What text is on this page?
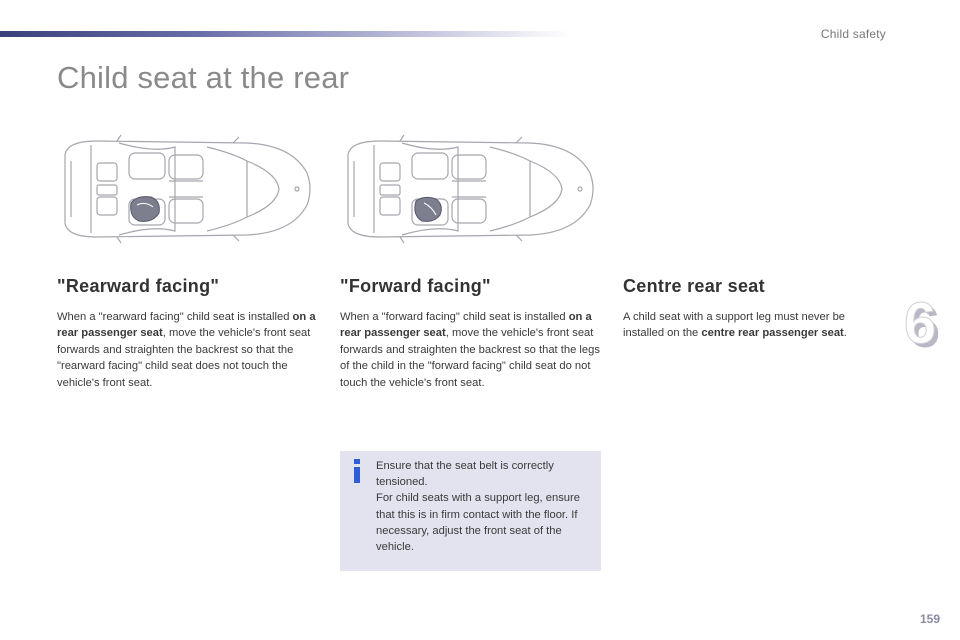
Child safety
Child seat at the rear
6
"Rearward facing"

When a "rearward facing" child seat is installed on a rear passenger seat, move the vehicle's front seat forwards and straighten the backrest so that the "rearward facing" child seat does not touch the vehicle's front seat.

"Forward facing"

When a "forward facing" child seat is installed on a rear passenger seat, move the vehicle's front seat forwards and straighten the backrest so that the legs of the child in the "forward facing" child seat do not touch the vehicle's front seat.

Centre rear seat

A child seat with a support leg must never be installed on the centre rear passenger seat.

Ensure that the seat belt is correctly tensioned.
For child seats with a support leg, ensure that this is in firm contact with the floor. If necessary, adjust the front seat of the vehicle.
159
